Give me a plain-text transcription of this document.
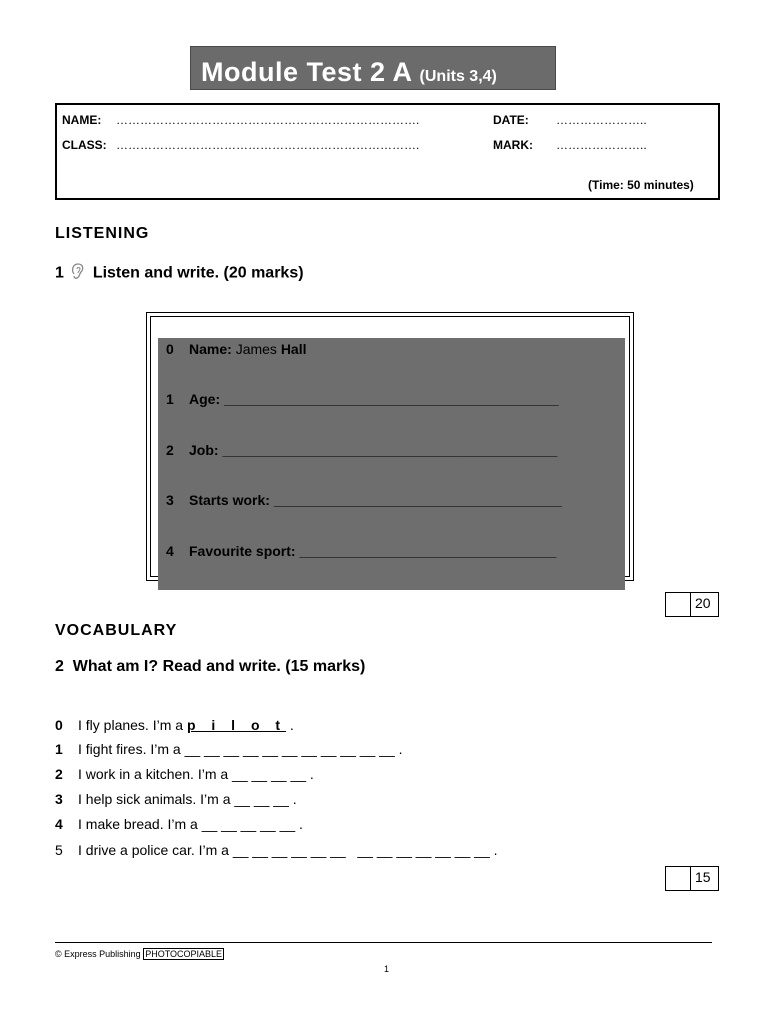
Module Test 2 A (Units 3,4)
NAME: ………………………………………………………………….	DATE: …………………..
CLASS: ………………………………………………………………….	MARK: …………………..
(Time: 50 minutes)
LISTENING
1 Listen and write. (20 marks)
0 Name: James Hall
1 Age: ___________________________________________
2 Job: ___________________________________________
3 Starts work: _____________________________________
4 Favourite sport: _________________________________
20
VOCABULARY
2 What am I? Read and write. (15 marks)
0 I fly planes. I’m a p i l o t .
1 I fight fires. I’m a __ __ __ __ __ __ __ __ __ __ __ .
2 I work in a kitchen. I’m a __ __ __ __ .
3 I help sick animals. I’m a __ __ __ .
4 I make bread. I’m a __ __ __ __ __ .
5 I drive a police car. I’m a __ __ __ __ __ __   __ __ __ __ __ __ __ .
15
© Express Publishing PHOTOCOPIABLE
1
